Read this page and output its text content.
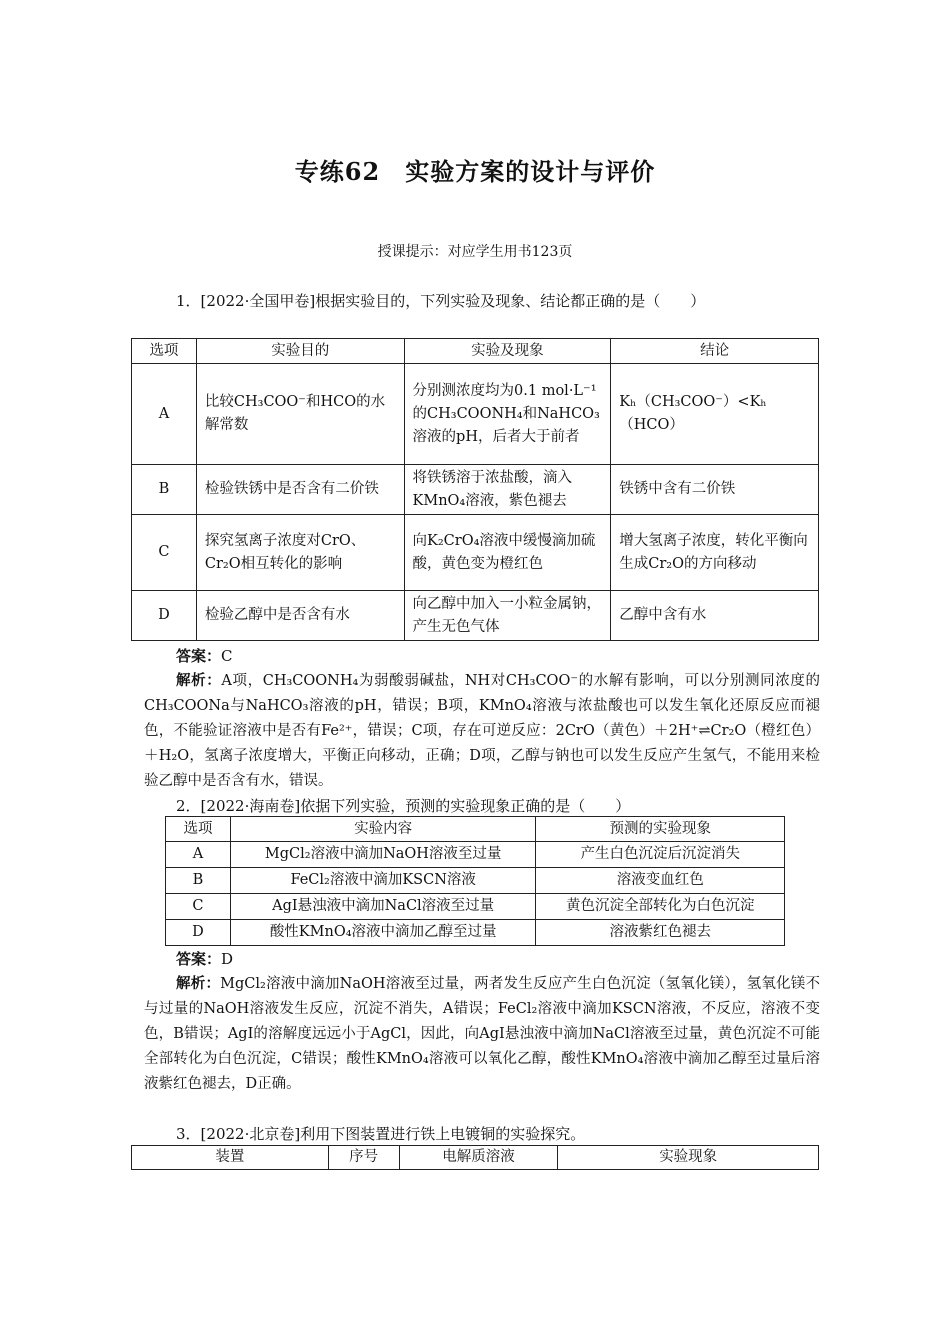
专练62　实验方案的设计与评价
授课提示：对应学生用书123页
1．[2022·全国甲卷]根据实验目的，下列实验及现象、结论都正确的是（　　）
选项	实验目的	实验及现象	结论
A	比较CH₃COO⁻和HCO的水解常数	分别测浓度均为0.1 mol·L⁻¹的CH₃COONH₄和NaHCO₃溶液的pH，后者大于前者	Kₕ（CH₃COO⁻）<Kₕ（HCO）
B	检验铁锈中是否含有二价铁	将铁锈溶于浓盐酸，滴入KMnO₄溶液，紫色褪去	铁锈中含有二价铁
C	探究氢离子浓度对CrO、Cr₂O相互转化的影响	向K₂CrO₄溶液中缓慢滴加硫酸，黄色变为橙红色	增大氢离子浓度，转化平衡向生成Cr₂O的方向移动
D	检验乙醇中是否含有水	向乙醇中加入一小粒金属钠，产生无色气体	乙醇中含有水
答案：C
解析：A项，CH₃COONH₄为弱酸弱碱盐，NH对CH₃COO⁻的水解有影响，可以分别测同浓度的CH₃COONa与NaHCO₃溶液的pH，错误；B项，KMnO₄溶液与浓盐酸也可以发生氧化还原反应而褪色，不能验证溶液中是否有Fe²⁺，错误；C项，存在可逆反应：2CrO（黄色）＋2H⁺⇌Cr₂O（橙红色）＋H₂O，氢离子浓度增大，平衡正向移动，正确；D项，乙醇与钠也可以发生反应产生氢气，不能用来检验乙醇中是否含有水，错误。
2．[2022·海南卷]依据下列实验，预测的实验现象正确的是（　　）
选项	实验内容	预测的实验现象
A	MgCl₂溶液中滴加NaOH溶液至过量	产生白色沉淀后沉淀消失
B	FeCl₂溶液中滴加KSCN溶液	溶液变血红色
C	AgI悬浊液中滴加NaCl溶液至过量	黄色沉淀全部转化为白色沉淀
D	酸性KMnO₄溶液中滴加乙醇至过量	溶液紫红色褪去
答案：D
解析：MgCl₂溶液中滴加NaOH溶液至过量，两者发生反应产生白色沉淀（氢氧化镁），氢氧化镁不与过量的NaOH溶液发生反应，沉淀不消失，A错误；FeCl₂溶液中滴加KSCN溶液，不反应，溶液不变色，B错误；AgI的溶解度远远小于AgCl，因此，向AgI悬浊液中滴加NaCl溶液至过量，黄色沉淀不可能全部转化为白色沉淀，C错误；酸性KMnO₄溶液可以氧化乙醇，酸性KMnO₄溶液中滴加乙醇至过量后溶液紫红色褪去，D正确。
3．[2022·北京卷]利用下图装置进行铁上电镀铜的实验探究。
装置	序号	电解质溶液	实验现象
